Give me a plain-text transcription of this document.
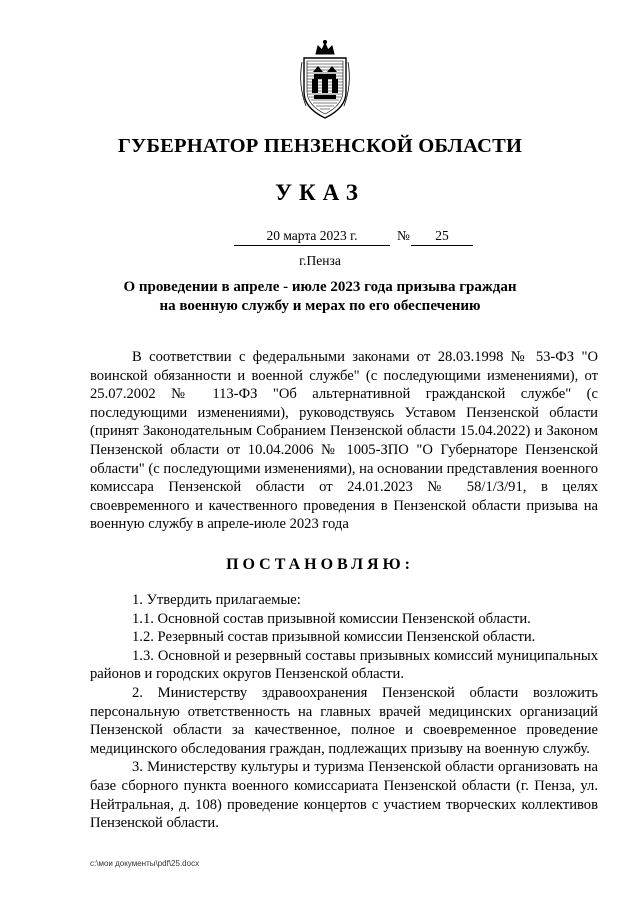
ГУБЕРНАТОР ПЕНЗЕНСКОЙ ОБЛАСТИ
УКАЗ
20 марта 2023 г.	№	25
г.Пенза
О проведении в апреле - июле 2023 года призыва граждан
на военную службу и мерах по его обеспечению
В соответствии с федеральными законами от 28.03.1998 № 53-ФЗ "О воинской обязанности и военной службе" (с последующими изменениями), от 25.07.2002 № 113-ФЗ "Об альтернативной гражданской службе" (с последующими изменениями), руководствуясь Уставом Пензенской области (принят Законодательным Собранием Пензенской области 15.04.2022) и Законом Пензенской области от 10.04.2006 № 1005-ЗПО "О Губернаторе Пензенской области" (с последующими изменениями), на основании представления военного комиссара Пензенской области от 24.01.2023 № 58/1/3/91, в целях своевременного и качественного проведения в Пензенской области призыва на военную службу в апреле-июле 2023 года
ПОСТАНОВЛЯЮ:

1. Утвердить прилагаемые:

1.1. Основной состав призывной комиссии Пензенской области.

1.2. Резервный состав призывной комиссии Пензенской области.

1.3. Основной и резервный составы призывных комиссий муниципальных районов и городских округов Пензенской области.

2. Министерству здравоохранения Пензенской области возложить персональную ответственность на главных врачей медицинских организаций Пензенской области за качественное, полное и своевременное проведение медицинского обследования граждан, подлежащих призыву на военную службу.

3. Министерству культуры и туризма Пензенской области организовать на базе сборного пункта военного комиссариата Пензенской области (г. Пенза, ул. Нейтральная, д. 108) проведение концертов с участием творческих коллективов Пензенской области.

c:\мои документы\pdf\25.docx
